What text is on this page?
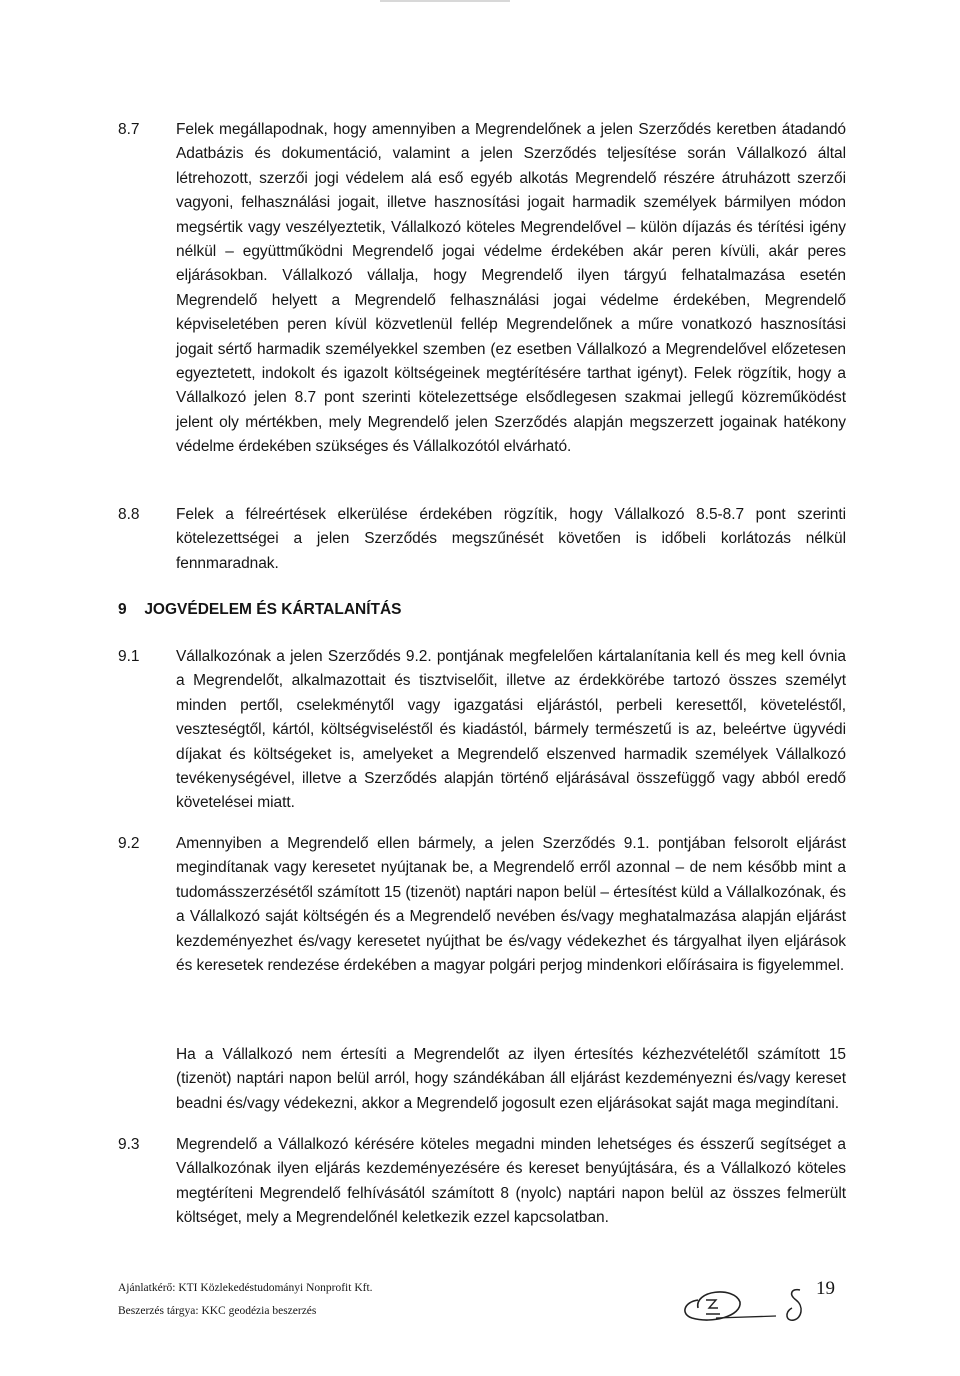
8.7 Felek megállapodnak, hogy amennyiben a Megrendelőnek a jelen Szerződés keretben átadandó Adatbázis és dokumentáció, valamint a jelen Szerződés teljesítése során Vállalkozó által létrehozott, szerzői jogi védelem alá eső egyéb alkotás Megrendelő részére átruházott szerzői vagyoni, felhasználási jogait, illetve hasznosítási jogait harmadik személyek bármilyen módon megsértik vagy veszélyeztetik, Vállalkozó köteles Megrendelővel – külön díjazás és térítési igény nélkül – együttműködni Megrendelő jogai védelme érdekében akár peren kívüli, akár peres eljárásokban. Vállalkozó vállalja, hogy Megrendelő ilyen tárgyú felhatalmazása esetén Megrendelő helyett a Megrendelő felhasználási jogai védelme érdekében, Megrendelő képviseletében peren kívül közvetlenül fellép Megrendelőnek a műre vonatkozó hasznosítási jogait sértő harmadik személyekkel szemben (ez esetben Vállalkozó a Megrendelővel előzetesen egyeztetett, indokolt és igazolt költségeinek megtérítésére tarthat igényt). Felek rögzítik, hogy a Vállalkozó jelen 8.7 pont szerinti kötelezettsége elsődlegesen szakmai jellegű közreműködést jelent oly mértékben, mely Megrendelő jelen Szerződés alapján megszerzett jogainak hatékony védelme érdekében szükséges és Vállalkozótól elvárható.
8.8 Felek a félreértések elkerülése érdekében rögzítik, hogy Vállalkozó 8.5-8.7 pont szerinti kötelezettségei a jelen Szerződés megszűnését követően is időbeli korlátozás nélkül fennmaradnak.
9 JOGVÉDELEM ÉS KÁRTALANÍTÁS
9.1 Vállalkozónak a jelen Szerződés 9.2. pontjának megfelelően kártalanítania kell és meg kell óvnia a Megrendelőt, alkalmazottait és tisztviselőit, illetve az érdekkörébe tartozó összes személyt minden pertől, cselekménytől vagy igazgatási eljárástól, perbeli keresettől, követeléstől, veszteségtől, kártól, költségviseléstől és kiadástól, bármely természetű is az, beleértve ügyvédi díjakat és költségeket is, amelyeket a Megrendelő elszenved harmadik személyek Vállalkozó tevékenységével, illetve a Szerződés alapján történő eljárásával összefüggő vagy abból eredő követelései miatt.
9.2 Amennyiben a Megrendelő ellen bármely, a jelen Szerződés 9.1. pontjában felsorolt eljárást megindítanak vagy keresetet nyújtanak be, a Megrendelő erről azonnal – de nem később mint a tudomásszerzésétől számított 15 (tizenöt) naptári napon belül – értesítést küld a Vállalkozónak, és a Vállalkozó saját költségén és a Megrendelő nevében és/vagy meghatalmazása alapján eljárást kezdeményezhet és/vagy keresetet nyújthat be és/vagy védekezhet és tárgyalhat ilyen eljárások és keresetek rendezése érdekében a magyar polgári perjog mindenkori előírásaira is figyelemmel.
Ha a Vállalkozó nem értesíti a Megrendelőt az ilyen értesítés kézhezvételétől számított 15 (tizenöt) naptári napon belül arról, hogy szándékában áll eljárást kezdeményezni és/vagy kereset beadni és/vagy védekezni, akkor a Megrendelő jogosult ezen eljárásokat saját maga megindítani.
9.3 Megrendelő a Vállalkozó kérésére köteles megadni minden lehetséges és ésszerű segítséget a Vállalkozónak ilyen eljárás kezdeményezésére és kereset benyújtására, és a Vállalkozó köteles megtéríteni Megrendelő felhívásától számított 8 (nyolc) naptári napon belül az összes felmerült költséget, mely a Megrendelőnél keletkezik ezzel kapcsolatban.
Ajánlatkérő: KTI Közlekedéstudományi Nonprofit Kft.
Beszerzés tárgya: KKC geodézia beszerzés
19
